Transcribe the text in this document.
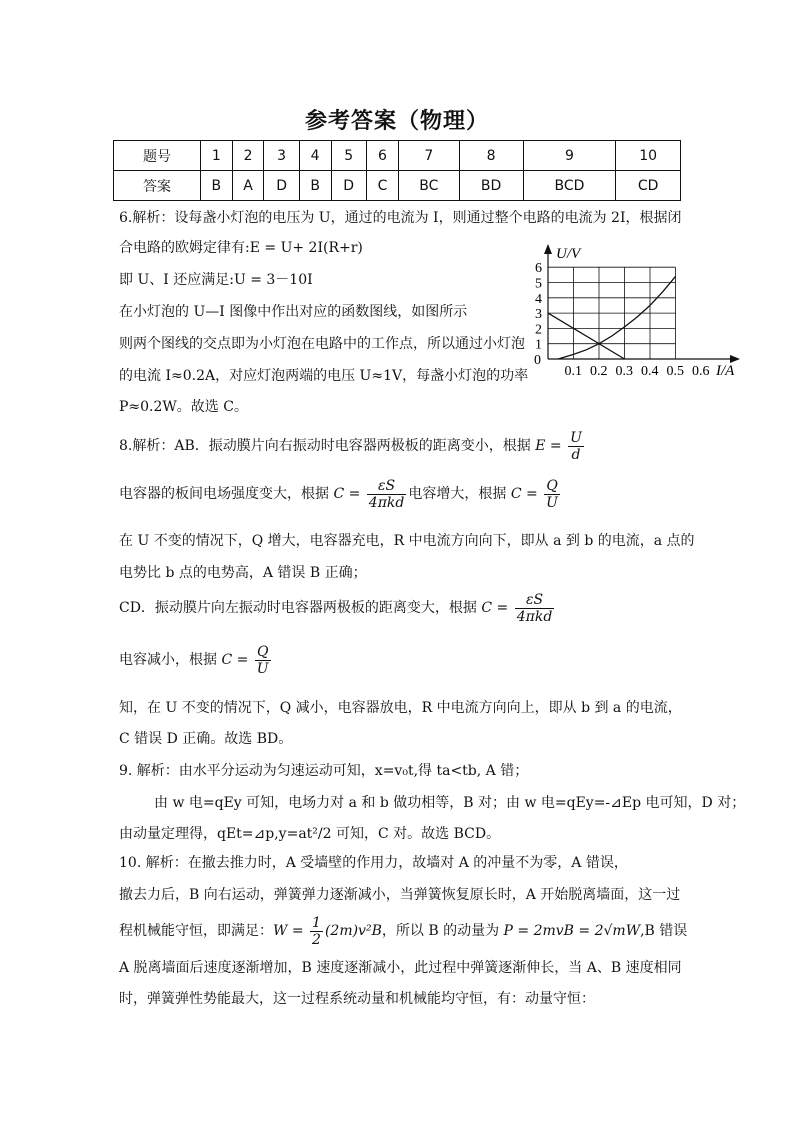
参考答案（物理）
题号	1	2	3	4	5	6	7	8	9	10
答案	B	A	D	B	D	C	BC	BD	BCD	CD
6.解析：设每盏小灯泡的电压为 U，通过的电流为 I，则通过整个电路的电流为 2I，根据闭
合电路的欧姆定律有:E = U+ 2I(R+r)
即 U、I 还应满足:U = 3－10I
在小灯泡的 U—I 图像中作出对应的函数图线，如图所示
则两个图线的交点即为小灯泡在电路中的工作点，所以通过小灯泡
的电流 I≈0.2A，对应灯泡两端的电压 U≈1V，每盏小灯泡的功率
P≈0.2W。故选 C。
0.1 0.2 0.3 0.4 0.5 0.6
1
2
3
4
5
6
U/V
I/A
0
8.解析：AB．振动膜片向右振动时电容器两极板的距离变小，根据 $E = \frac{U}{d}$
电容器的板间电场强度变大，根据 $C = \frac{\varepsilon S}{\text{4πkd}}$ 电容增大，根据 $C = \frac{Q}{U}$
在 U 不变的情况下，Q 增大，电容器充电，R 中电流方向向下，即从 a 到 b 的电流，a 点的
电势比 b 点的电势高，A 错误 B 正确；
CD．振动膜片向左振动时电容器两极板的距离变大，根据 $C = \frac{\varepsilon S}{\text{4πkd}}$
电容减小，根据 $C = \frac{Q}{U}$
知，在 U 不变的情况下，Q 减小，电容器放电，R 中电流方向向上，即从 b 到 a 的电流，
C 错误 D 正确。故选 BD。
9. 解析：由水平分运动为匀速运动可知，x=v₀t,得 ta<tb, A 错；
由 w 电=qEy 可知，电场力对 a 和 b 做功相等，B 对；由 w 电=qEy=-⊿Ep 电可知，D 对；
由动量定理得，qEt=⊿p,y=at²/2 可知，C 对。故选 BCD。
10. 解析：在撤去推力时，A 受墙壁的作用力，故墙对 A 的冲量不为零，A 错误，
撤去力后，B 向右运动，弹簧弹力逐渐减小，当弹簧恢复原长时，A 开始脱离墙面，这一过
程机械能守恒，即满足：$W = \frac{1}{2} (2m)v^2B$，所以 B 的动量为 P = 2mvB = 2√mW,B 错误
A 脱离墙面后速度逐渐增加，B 速度逐渐减小，此过程中弹簧逐渐伸长，当 A、B 速度相同
时，弹簧弹性势能最大，这一过程系统动量和机械能均守恒，有：动量守恒：
